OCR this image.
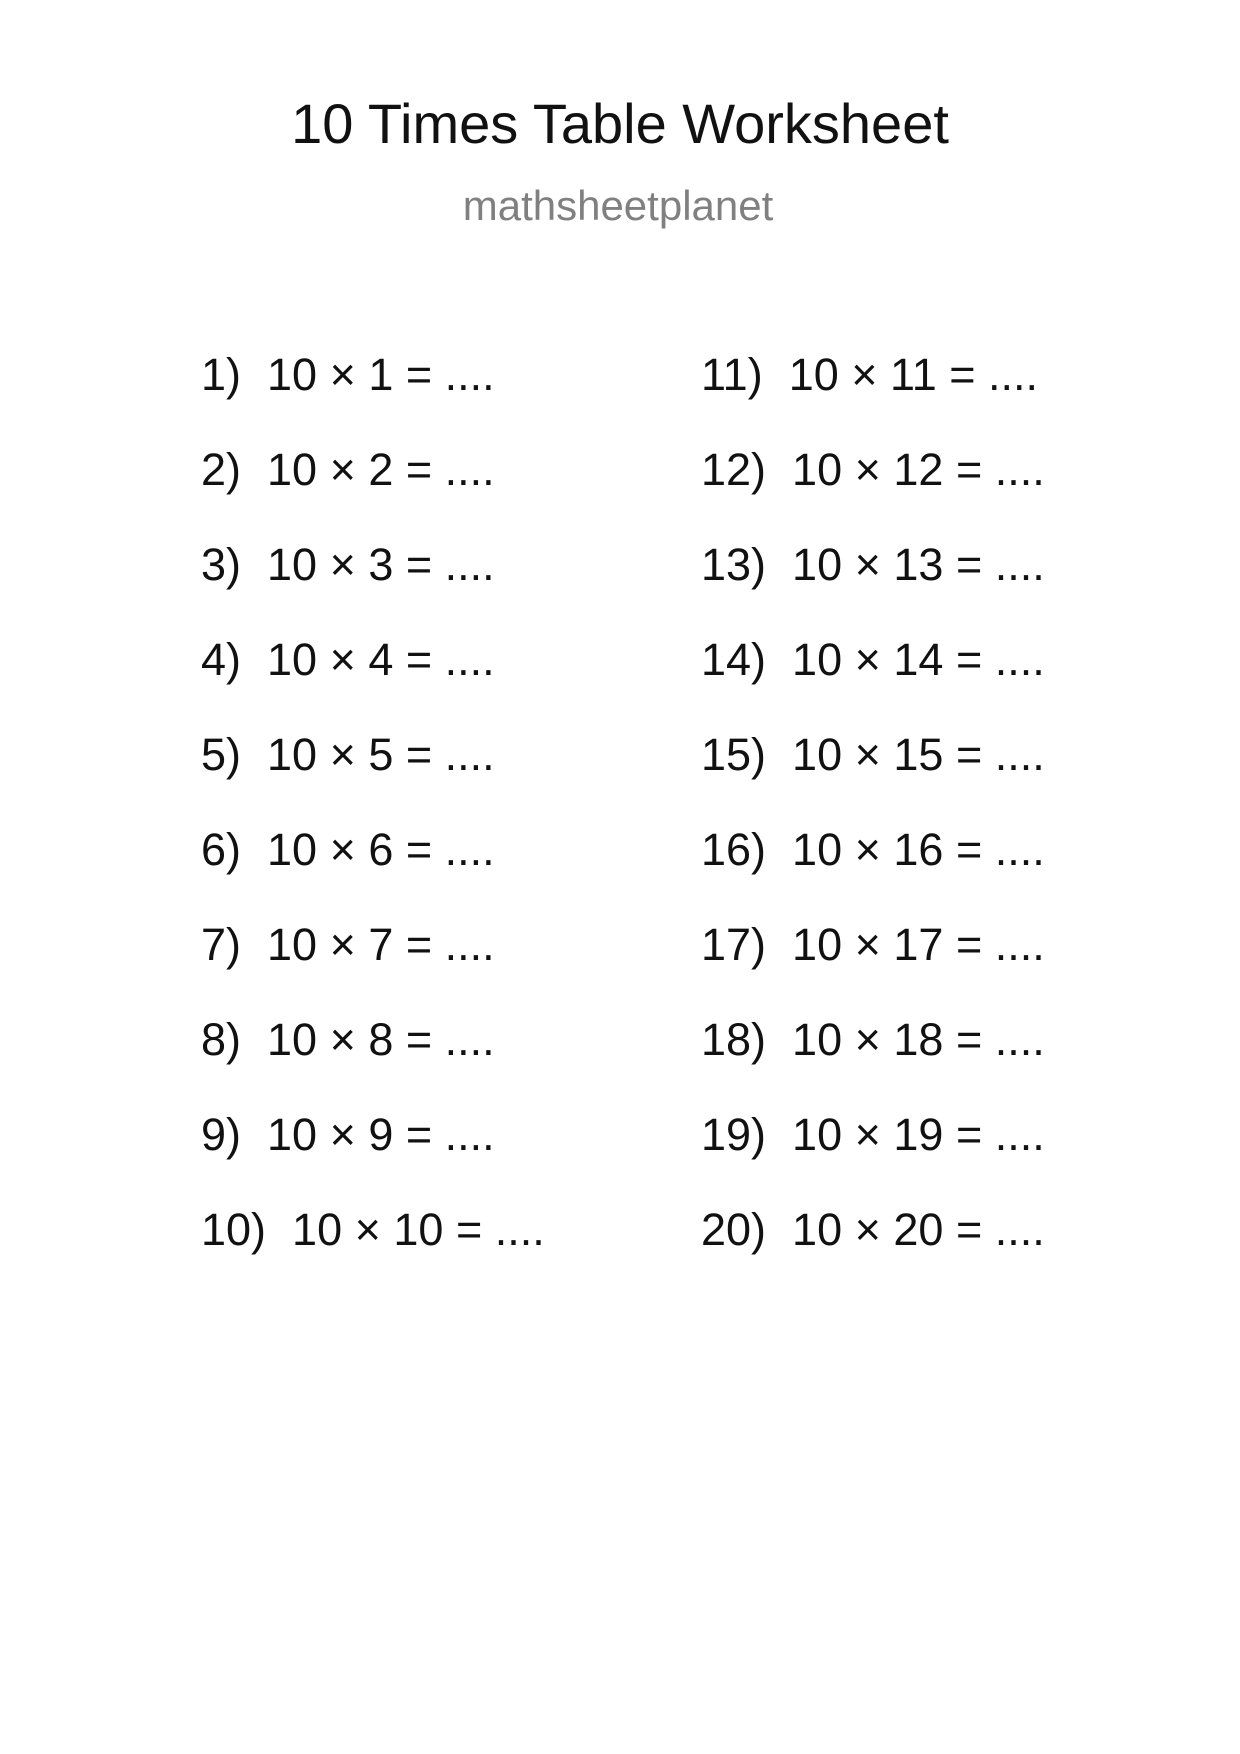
10 Times Table Worksheet
mathsheetplanet
1) 10 × 1 = ....
2) 10 × 2 = ....
3) 10 × 3 = ....
4) 10 × 4 = ....
5) 10 × 5 = ....
6) 10 × 6 = ....
7) 10 × 7 = ....
8) 10 × 8 = ....
9) 10 × 9 = ....
10) 10 × 10 = ....
11) 10 × 11 = ....
12) 10 × 12 = ....
13) 10 × 13 = ....
14) 10 × 14 = ....
15) 10 × 15 = ....
16) 10 × 16 = ....
17) 10 × 17 = ....
18) 10 × 18 = ....
19) 10 × 19 = ....
20) 10 × 20 = ....
